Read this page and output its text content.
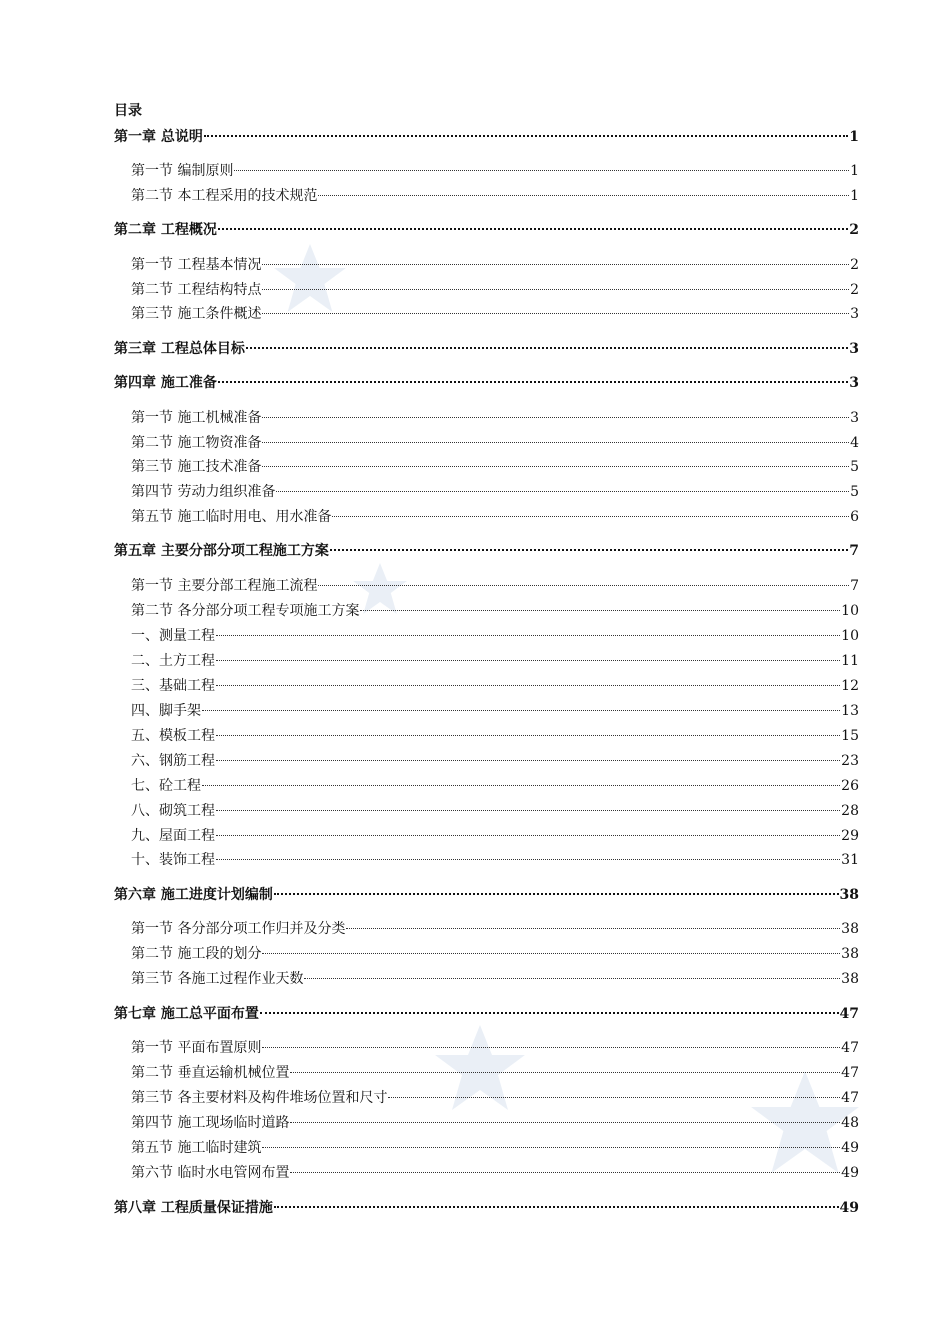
目录
第一章 总说明	1
第一节 编制原则	1
第二节 本工程采用的技术规范	1
第二章 工程概况	2
第一节 工程基本情况	2
第二节 工程结构特点	2
第三节 施工条件概述	3
第三章 工程总体目标	3
第四章 施工准备	3
第一节 施工机械准备	3
第二节 施工物资准备	4
第三节 施工技术准备	5
第四节 劳动力组织准备	5
第五节 施工临时用电、用水准备	6
第五章 主要分部分项工程施工方案	7
第一节 主要分部工程施工流程	7
第二节 各分部分项工程专项施工方案	10
一、测量工程	10
二、土方工程	11
三、基础工程	12
四、脚手架	13
五、模板工程	15
六、钢筋工程	23
七、砼工程	26
八、砌筑工程	28
九、屋面工程	29
十、装饰工程	31
第六章 施工进度计划编制	38
第一节 各分部分项工作归并及分类	38
第二节 施工段的划分	38
第三节 各施工过程作业天数	38
第七章 施工总平面布置	47
第一节 平面布置原则	47
第二节 垂直运输机械位置	47
第三节 各主要材料及构件堆场位置和尺寸	47
第四节 施工现场临时道路	48
第五节 施工临时建筑	49
第六节 临时水电管网布置	49
第八章 工程质量保证措施	49
